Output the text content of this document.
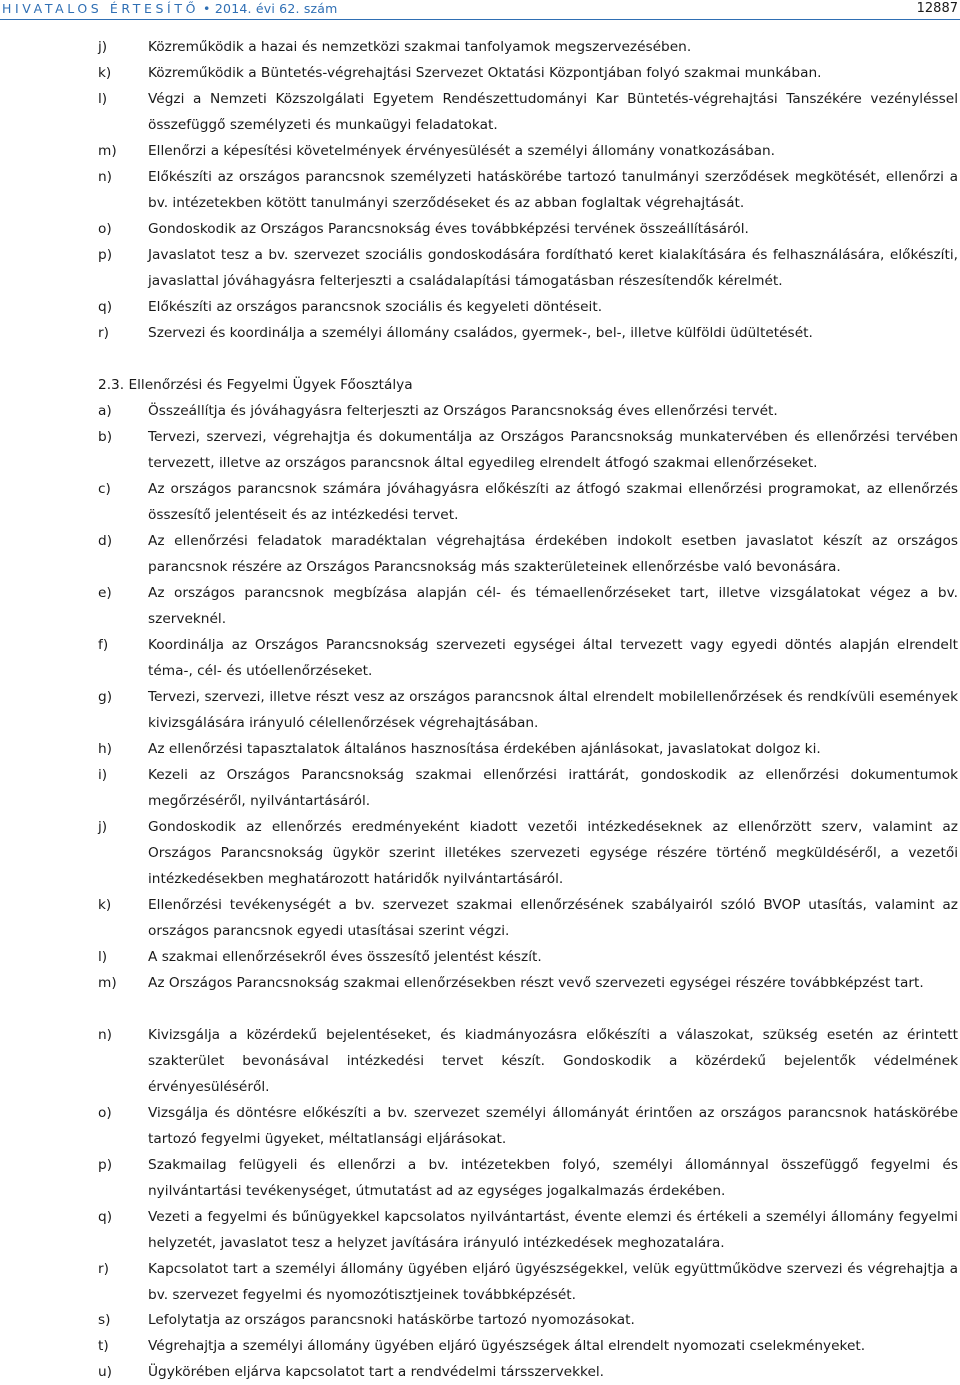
HIVATALOS ÉRTESÍTŐ • 2014. évi 62. szám	12887
j)	Közreműködik a hazai és nemzetközi szakmai tanfolyamok megszervezésében.
k)	Közreműködik a Büntetés-végrehajtási Szervezet Oktatási Központjában folyó szakmai munkában.
l)	Végzi a Nemzeti Közszolgálati Egyetem Rendészettudományi Kar Büntetés-végrehajtási Tanszékére vezényléssel összefüggő személyzeti és munkaügyi feladatokat.
m) Ellenőrzi a képesítési követelmények érvényesülését a személyi állomány vonatkozásában.
n)	Előkészíti az országos parancsnok személyzeti hatáskörébe tartozó tanulmányi szerződések megkötését, ellenőrzi a bv. intézetekben kötött tanulmányi szerződéseket és az abban foglaltak végrehajtását.
o)	Gondoskodik az Országos Parancsnokság éves továbbképzési tervének összeállításáról.
p)	Javaslatot tesz a bv. szervezet szociális gondoskodására fordítható keret kialakítására és felhasználására, előkészíti, javaslattal jóváhagyásra felterjeszti a családalapítási támogatásban részesítendők kérelmét.
q)	Előkészíti az országos parancsnok szociális és kegyeleti döntéseit.
r)	Szervezi és koordinálja a személyi állomány családos, gyermek-, bel-, illetve külföldi üdültetését.
2.3. Ellenőrzési és Fegyelmi Ügyek Főosztálya
a)	Összeállítja és jóváhagyásra felterjeszti az Országos Parancsnokság éves ellenőrzési tervét.
b)	Tervezi, szervezi, végrehajtja és dokumentálja az Országos Parancsnokság munkatervében és ellenőrzési tervében tervezett, illetve az országos parancsnok által egyedileg elrendelt átfogó szakmai ellenőrzéseket.
c)	Az országos parancsnok számára jóváhagyásra előkészíti az átfogó szakmai ellenőrzési programokat, az ellenőrzés összesítő jelentéseit és az intézkedési tervet.
d)	Az ellenőrzési feladatok maradéktalan végrehajtása érdekében indokolt esetben javaslatot készít az országos parancsnok részére az Országos Parancsnokság más szakterületeinek ellenőrzésbe való bevonására.
e)	Az országos parancsnok megbízása alapján cél- és témaellenőrzéseket tart, illetve vizsgálatokat végez a bv. szerveknél.
f)	Koordinálja az Országos Parancsnokság szervezeti egységei által tervezett vagy egyedi döntés alapján elrendelt téma-, cél- és utóellenőrzéseket.
g)	Tervezi, szervezi, illetve részt vesz az országos parancsnok által elrendelt mobilellenőrzések és rendkívüli események kivizsgálására irányuló célellenőrzések végrehajtásában.
h)	Az ellenőrzési tapasztalatok általános hasznosítása érdekében ajánlásokat, javaslatokat dolgoz ki.
i)	Kezeli az Országos Parancsnokság szakmai ellenőrzési irattárát, gondoskodik az ellenőrzési dokumentumok megőrzéséről, nyilvántartásáról.
j)	Gondoskodik az ellenőrzés eredményeként kiadott vezetői intézkedéseknek az ellenőrzött szerv, valamint az Országos Parancsnokság ügykör szerint illetékes szervezeti egysége részére történő megküldéséről, a vezetői intézkedésekben meghatározott határidők nyilvántartásáról.
k)	Ellenőrzési tevékenységét a bv. szervezet szakmai ellenőrzésének szabályairól szóló BVOP utasítás, valamint az országos parancsnok egyedi utasításai szerint végzi.
l)	A szakmai ellenőrzésekről éves összesítő jelentést készít.
m) Az Országos Parancsnokság szakmai ellenőrzésekben részt vevő szervezeti egységei részére továbbképzést tart.
n)	Kivizsgálja a közérdekű bejelentéseket, és kiadmányozásra előkészíti a válaszokat, szükség esetén az érintett szakterület bevonásával intézkedési tervet készít. Gondoskodik a közérdekű bejelentők védelmének érvényesüléséről.
o)	Vizsgálja és döntésre előkészíti a bv. szervezet személyi állományát érintően az országos parancsnok hatáskörébe tartozó fegyelmi ügyeket, méltatlansági eljárásokat.
p)	Szakmailag felügyeli és ellenőrzi a bv. intézetekben folyó, személyi állománnyal összefüggő fegyelmi és nyilvántartási tevékenységet, útmutatást ad az egységes jogalkalmazás érdekében.
q)	Vezeti a fegyelmi és bűnügyekkel kapcsolatos nyilvántartást, évente elemzi és értékeli a személyi állomány fegyelmi helyzetét, javaslatot tesz a helyzet javítására irányuló intézkedések meghozatalára.
r)	Kapcsolatot tart a személyi állomány ügyében eljáró ügyészségekkel, velük együttműködve szervezi és végrehajtja a bv. szervezet fegyelmi és nyomozótisztjeinek továbbképzését.
s)	Lefolytatja az országos parancsnoki hatáskörbe tartozó nyomozásokat.
t)	Végrehajtja a személyi állomány ügyében eljáró ügyészségek által elrendelt nyomozati cselekményeket.
u)	Ügykörében eljárva kapcsolatot tart a rendvédelmi társszervekkel.
